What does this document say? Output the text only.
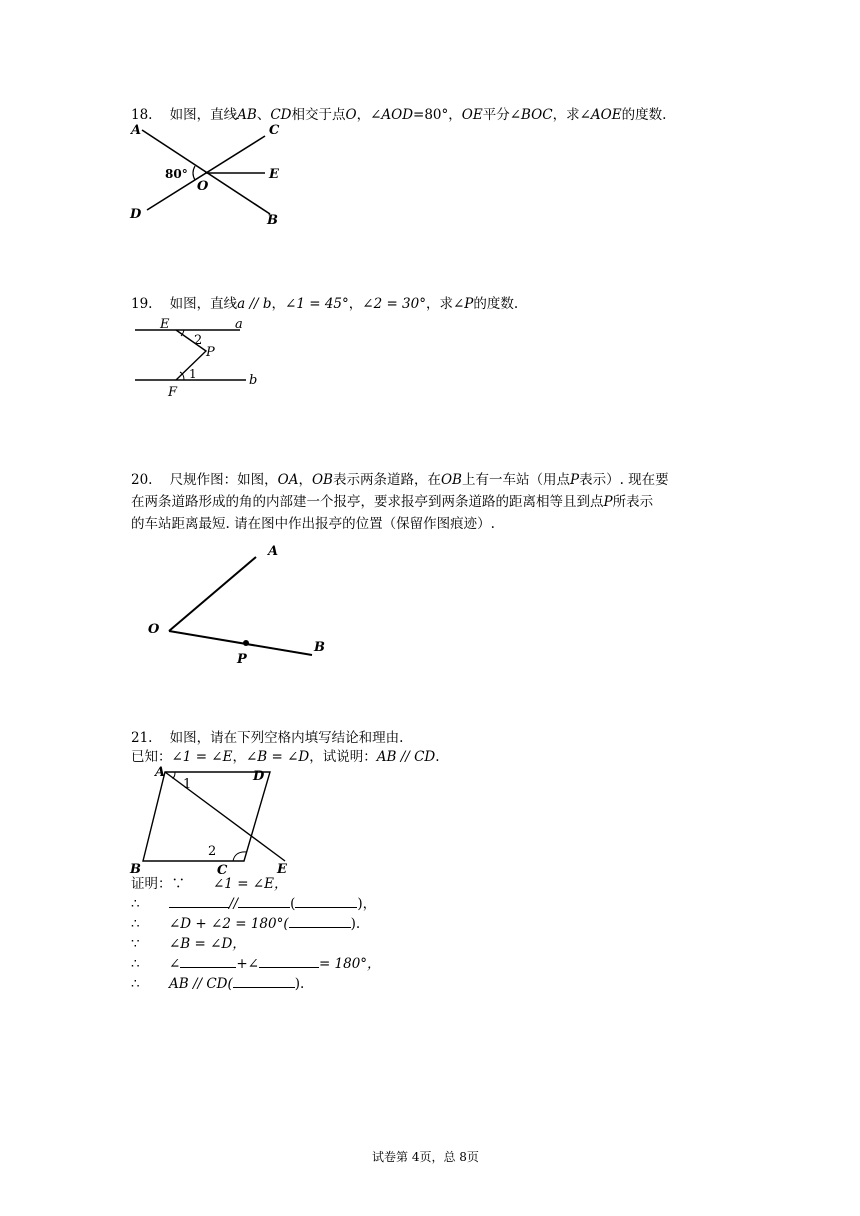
18. 如图，直线AB、CD相交于点O，∠AOD=80°，OE平分∠BOC，求∠AOE的度数.
A	C
E
O
D	B
80°
19. 如图，直线a // b，∠1 = 45°，∠2 = 30°，求∠P的度数.
E	a
2
P
1	b
F
20. 尺规作图：如图，OA，OB表示两条道路，在OB上有一车站（用点P表示）. 现在要
在两条道路形成的角的内部建一个报亭，要求报亭到两条道路的距离相等且到点P所表示
的车站距离最短. 请在图中作出报亭的位置（保留作图痕迹）.
A
O
P
B
21. 如图，请在下列空格内填写结论和理由.
已知：∠1 = ∠E，∠B = ∠D，试说明：AB // CD.
A
1
D
2
B	C	E
证明：∵ ∠1 = ∠E，
∴	//	(	)，
∴ ∠D + ∠2 = 180°(	).
∵ ∠B = ∠D，
∴ ∠	+∠	= 180°，
∴ AB // CD(	).
试卷第 4页，总 8页
